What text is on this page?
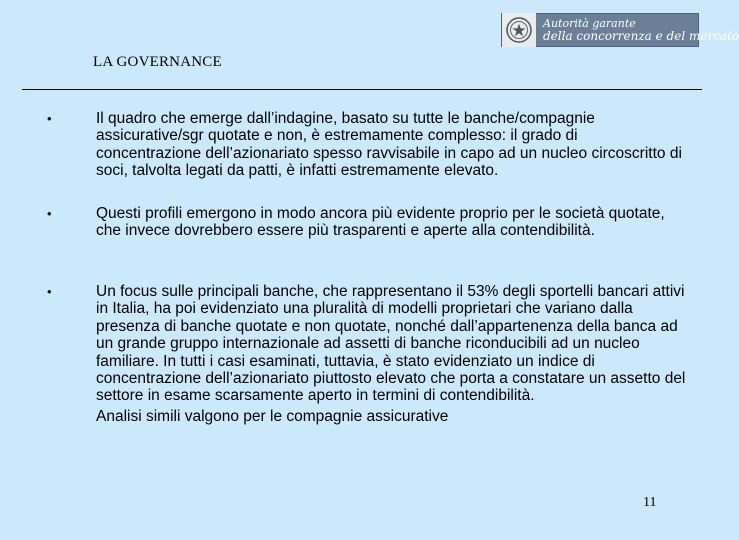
Autorità garante
della concorrenza e del mercato
LA GOVERNANCE
•	Il quadro che emerge dall’indagine, basato su tutte le banche/compagnie assicurative/sgr quotate e non, è estremamente complesso: il grado di concentrazione dell’azionariato spesso ravvisabile in capo ad un nucleo circoscritto di soci, talvolta legati da patti, è infatti estremamente elevato.

•	Questi profili emergono in modo ancora più evidente proprio per le società quotate, che invece dovrebbero essere più trasparenti e aperte alla contendibilità.

•	Un focus sulle principali banche, che rappresentano il 53% degli sportelli bancari attivi in Italia, ha poi evidenziato una pluralità di modelli proprietari che variano dalla presenza di banche quotate e non quotate, nonché dall’appartenenza della banca ad un grande gruppo internazionale ad assetti di banche riconducibili ad un nucleo familiare. In tutti i casi esaminati, tuttavia, è stato evidenziato un indice di concentrazione dell’azionariato piuttosto elevato che porta a constatare un assetto del settore in esame scarsamente aperto in termini di contendibilità.

Analisi simili valgono per le compagnie assicurative

11
